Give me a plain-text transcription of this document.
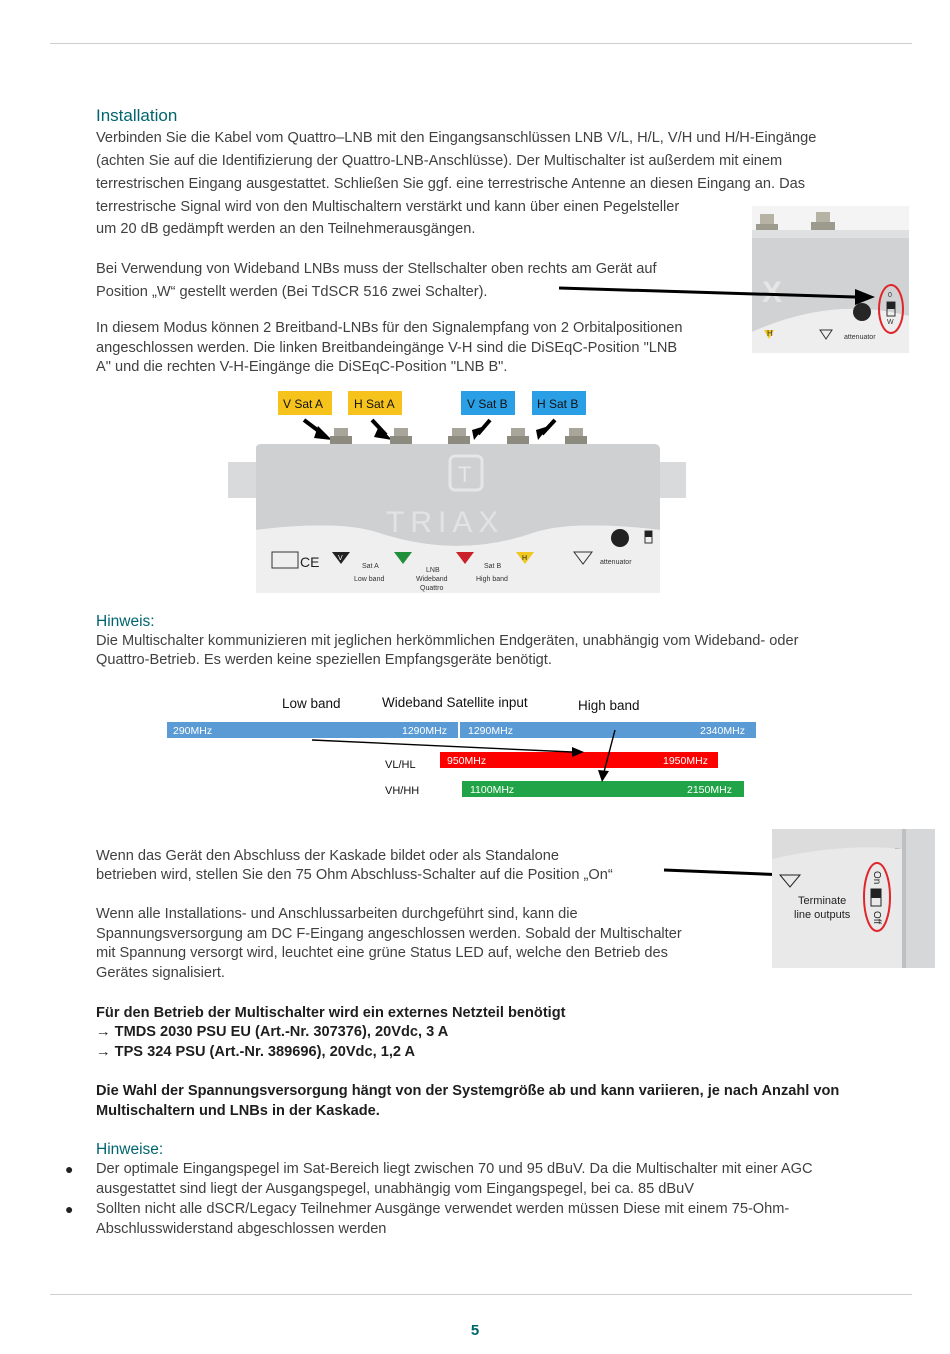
Installation
Verbinden Sie die Kabel vom Quattro–LNB mit den Eingangsanschlüssen LNB V/L, H/L, V/H und H/H-Eingänge
(achten Sie auf die Identifizierung der Quattro-LNB-Anschlüsse). Der Multischalter ist außerdem mit einem
terrestrischen Eingang ausgestattet. Schließen Sie ggf. eine terrestrische Antenne an diesen Eingang an. Das
terrestrische Signal wird von den Multischaltern verstärkt und kann über einen Pegelsteller
um 20 dB gedämpft werden an den Teilnehmerausgängen.
Bei Verwendung von Wideband LNBs muss der Stellschalter oben rechts am Gerät auf
Position „W“ gestellt werden (Bei TdSCR 516 zwei Schalter).
In diesem Modus können 2 Breitband-LNBs für den Signalempfang von 2 Orbitalpositionen
angeschlossen werden. Die linken Breitbandeingänge V-H sind die DiSEqC-Position "LNB
A" und die rechten V-H-Eingänge die DiSEqC-Position "LNB B".
H	attenuator
0
W
X
V Sat A	H Sat A	V Sat B H Sat B
T
TRIAX
CE	V	H
Sat A	Sat B
LNB
Wideband
Quattro
Low band	High band
attenuator
Hinweis:
Die Multischalter kommunizieren mit jeglichen herkömmlichen Endgeräten, unabhängig vom Wideband- oder
Quattro-Betrieb. Es werden keine speziellen Empfangsgeräte benötigt.
Low band	Wideband Satellite input	High band
290MHz	1290MHz 1290MHz	2340MHz
VL/HL
VH/HH
950MHz	1950MHz
1100MHz	2150MHz
Wenn das Gerät den Abschluss der Kaskade bildet oder als Standalone
betrieben wird, stellen Sie den 75 Ohm Abschluss-Schalter auf die Position „On“
Wenn alle Installations- und Anschlussarbeiten durchgeführt sind, kann die
Spannungsversorgung am DC F-Eingang angeschlossen werden. Sobald der Multischalter
mit Spannung versorgt wird, leuchtet eine grüne Status LED auf, welche den Betrieb des
Gerätes signalisiert.
Terminate
line outputs
On
Off
Für den Betrieb der Multischalter wird ein externes Netzteil benötigt
→ TMDS 2030 PSU EU (Art.-Nr. 307376), 20Vdc, 3 A
→ TPS 324 PSU (Art.-Nr. 389696), 20Vdc, 1,2 A
Die Wahl der Spannungsversorgung hängt von der Systemgröße ab und kann variieren, je nach Anzahl von
Multischaltern und LNBs in der Kaskade.
Hinweise:
● Der optimale Eingangspegel im Sat-Bereich liegt zwischen 70 und 95 dBuV. Da die Multischalter mit einer AGC
ausgestattet sind liegt der Ausgangspegel, unabhängig vom Eingangspegel, bei ca. 85 dBuV
● Sollten nicht alle dSCR/Legacy Teilnehmer Ausgänge verwendet werden müssen Diese mit einem 75-Ohm-
Abschlusswiderstand abgeschlossen werden
5
